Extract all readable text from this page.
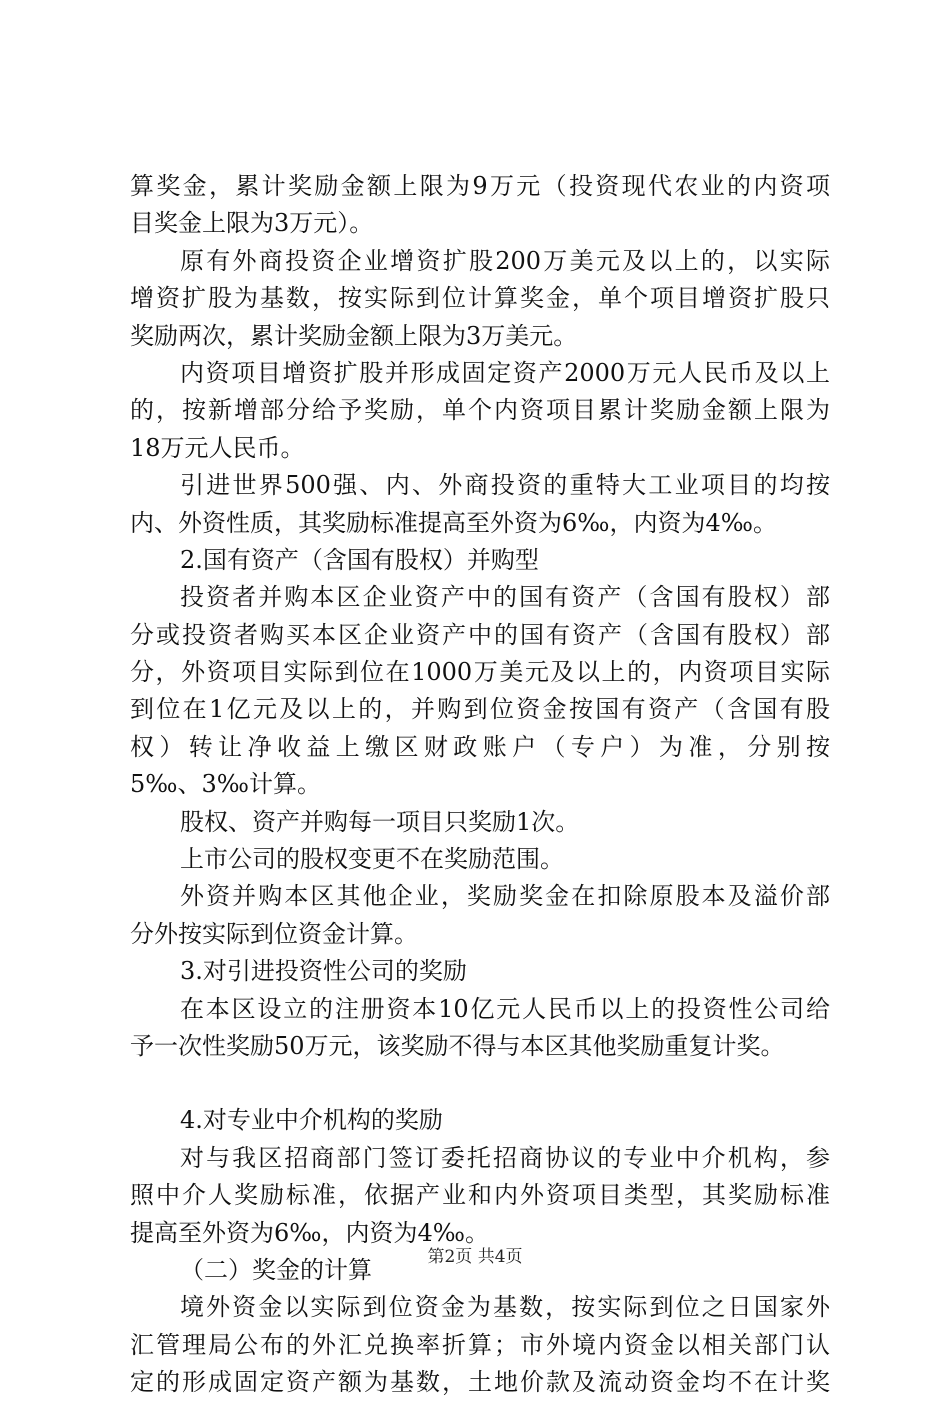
算奖金，累计奖励金额上限为9万元（投资现代农业的内资项
目奖金上限为3万元）。
原有外商投资企业增资扩股200万美元及以上的，以实际
增资扩股为基数，按实际到位计算奖金，单个项目增资扩股只
奖励两次，累计奖励金额上限为3万美元。
内资项目增资扩股并形成固定资产2000万元人民币及以上
的，按新增部分给予奖励，单个内资项目累计奖励金额上限为
18万元人民币。
引进世界500强、内、外商投资的重特大工业项目的均按
内、外资性质，其奖励标准提高至外资为6‰，内资为4‰。
2.国有资产（含国有股权）并购型
投资者并购本区企业资产中的国有资产（含国有股权）部
分或投资者购买本区企业资产中的国有资产（含国有股权）部
分，外资项目实际到位在1000万美元及以上的，内资项目实际
到位在1亿元及以上的，并购到位资金按国有资产（含国有股
权）转让净收益上缴区财政账户（专户）为准，分别按
5‰、3‰计算。
股权、资产并购每一项目只奖励1次。
上市公司的股权变更不在奖励范围。
外资并购本区其他企业，奖励奖金在扣除原股本及溢价部
分外按实际到位资金计算。
3.对引进投资性公司的奖励
在本区设立的注册资本10亿元人民币以上的投资性公司给
予一次性奖励50万元，该奖励不得与本区其他奖励重复计奖。
4.对专业中介机构的奖励
对与我区招商部门签订委托招商协议的专业中介机构，参
照中介人奖励标准，依据产业和内外资项目类型，其奖励标准
提高至外资为6‰，内资为4‰。
（二）奖金的计算
境外资金以实际到位资金为基数，按实际到位之日国家外
汇管理局公布的外汇兑换率折算；市外境内资金以相关部门认
定的形成固定资产额为基数，土地价款及流动资金均不在计奖
第2页 共4页
